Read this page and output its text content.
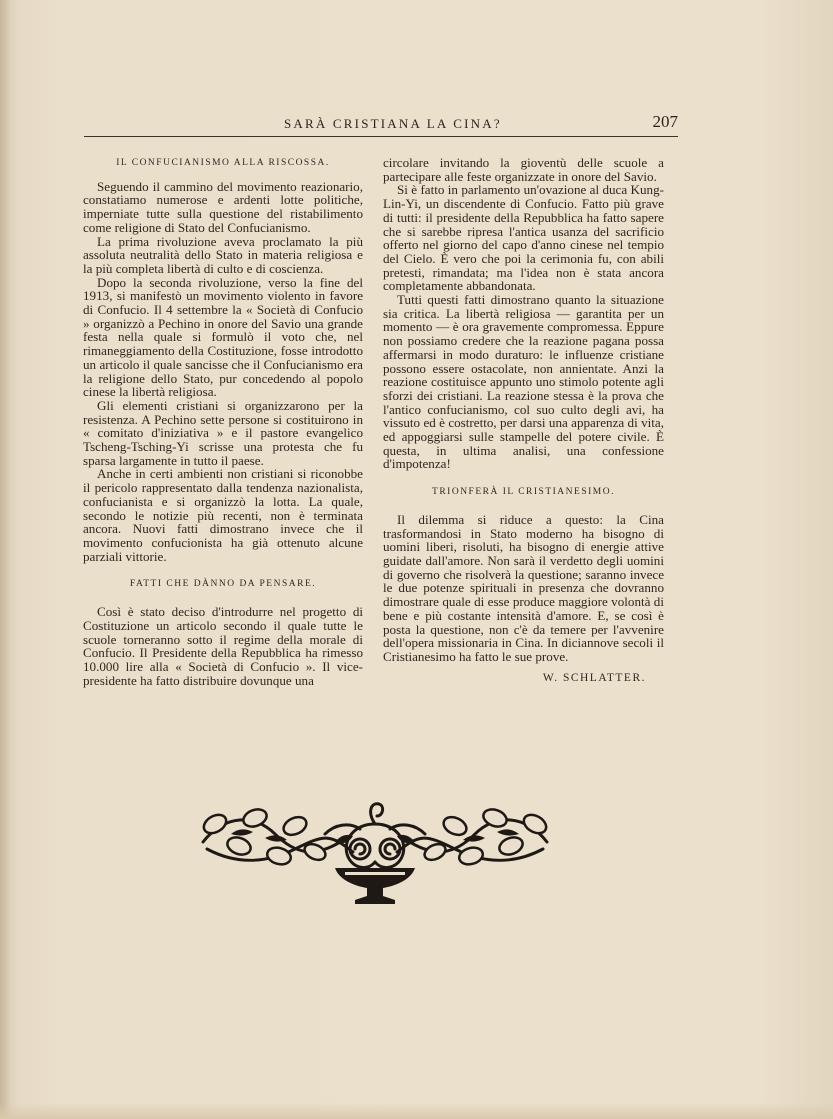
SARÀ CRISTIANA LA CINA?	207

IL CONFUCIANISMO ALLA RISCOSSA.

Seguendo il cammino del movimento reazionario, constatiamo numerose e ardenti lotte politiche, imperniate tutte sulla questione del ristabilimento come religione di Stato del Confucianismo.

La prima rivoluzione aveva proclamato la più assoluta neutralità dello Stato in materia religiosa e la più completa libertà di culto e di coscienza.

Dopo la seconda rivoluzione, verso la fine del 1913, si manifestò un movimento violento in favore di Confucio. Il 4 settembre la « Società di Confucio » organizzò a Pechino in onore del Savio una grande festa nella quale si formulò il voto che, nel rimaneggiamento della Costituzione, fosse introdotto un articolo il quale sancisse che il Confucianismo era la religione dello Stato, pur concedendo al popolo cinese la libertà religiosa.

Gli elementi cristiani si organizzarono per la resistenza. A Pechino sette persone si costituirono in « comitato d'iniziativa » e il pastore evangelico Tscheng-Tsching-Yi scrisse una protesta che fu sparsa largamente in tutto il paese.

Anche in certi ambienti non cristiani si riconobbe il pericolo rappresentato dalla tendenza nazionalista, confucianista e si organizzò la lotta. La quale, secondo le notizie più recenti, non è terminata ancora. Nuovi fatti dimostrano invece che il movimento confucionista ha già ottenuto alcune parziali vittorie.

FATTI CHE DÀNNO DA PENSARE.

Così è stato deciso d'introdurre nel progetto di Costituzione un articolo secondo il quale tutte le scuole torneranno sotto il regime della morale di Confucio. Il Presidente della Repubblica ha rimesso 10.000 lire alla « Società di Confucio ». Il vice-presidente ha fatto distribuire dovunque una

circolare invitando la gioventù delle scuole a partecipare alle feste organizzate in onore del Savio.

Si è fatto in parlamento un'ovazione al duca Kung-Lin-Yi, un discendente di Confucio. Fatto più grave di tutti: il presidente della Repubblica ha fatto sapere che si sarebbe ripresa l'antica usanza del sacrificio offerto nel giorno del capo d'anno cinese nel tempio del Cielo. È vero che poi la cerimonia fu, con abili pretesti, rimandata; ma l'idea non è stata ancora completamente abbandonata.

Tutti questi fatti dimostrano quanto la situazione sia critica. La libertà religiosa — garantita per un momento — è ora gravemente compromessa. Eppure non possiamo credere che la reazione pagana possa affermarsi in modo duraturo: le influenze cristiane possono essere ostacolate, non annientate. Anzi la reazione costituisce appunto uno stimolo potente agli sforzi dei cristiani. La reazione stessa è la prova che l'antico confucianismo, col suo culto degli avi, ha vissuto ed è costretto, per darsi una apparenza di vita, ed appoggiarsi sulle stampelle del potere civile. È questa, in ultima analisi, una confessione d'impotenza!

TRIONFERÀ IL CRISTIANESIMO.

Il dilemma si riduce a questo: la Cina trasformandosi in Stato moderno ha bisogno di uomini liberi, risoluti, ha bisogno di energie attive guidate dall'amore. Non sarà il verdetto degli uomini di governo che risolverà la questione; saranno invece le due potenze spirituali in presenza che dovranno dimostrare quale di esse produce maggiore volontà di bene e più costante intensità d'amore. E, se così è posta la questione, non c'è da temere per l'avvenire dell'opera missionaria in Cina. In diciannove secoli il Cristianesimo ha fatto le sue prove.

W. SCHLATTER.
